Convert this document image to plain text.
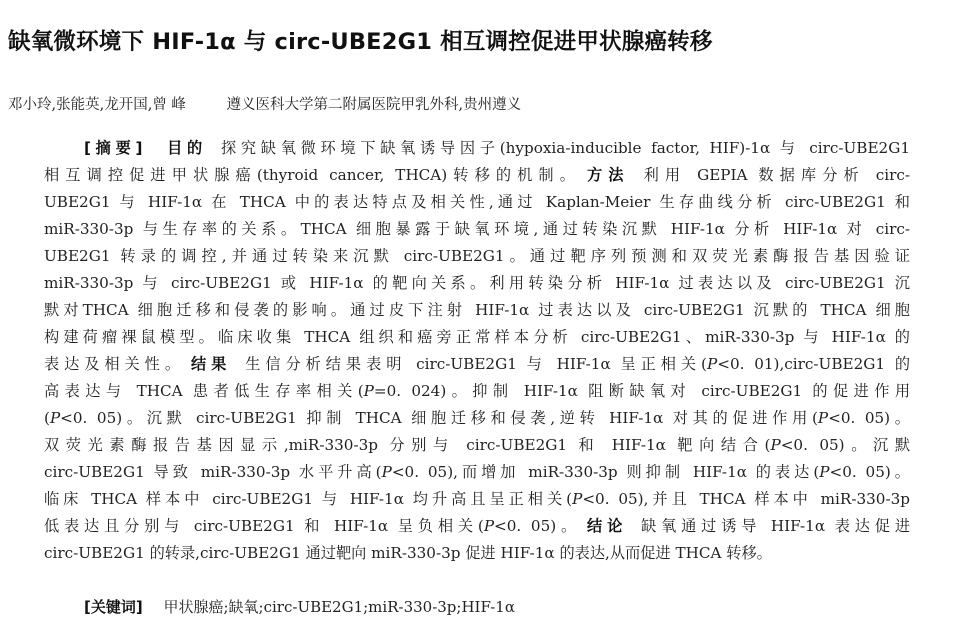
缺氧微环境下 HIF-1α 与 circ-UBE2G1 相互调控促进甲状腺癌转移
邓小玲,张能英,龙开国,曾 峰	遵义医科大学第二附属医院甲乳外科,贵州遵义
[摘要] 目的 探究缺氧微环境下缺氧诱导因子(hypoxia-inducible factor, HIF)-1α 与 circ-UBE2G1
相互调控促进甲状腺癌(thyroid cancer, THCA)转移的机制。 方法 利用 GEPIA 数据库分析 circ-
UBE2G1 与 HIF-1α 在 THCA 中的表达特点及相关性,通过 Kaplan-Meier 生存曲线分析 circ-UBE2G1 和
miR-330-3p 与生存率的关系。THCA 细胞暴露于缺氧环境,通过转染沉默 HIF-1α 分析 HIF-1α 对 circ-
UBE2G1 转录的调控,并通过转染来沉默 circ-UBE2G1。通过靶序列预测和双荧光素酶报告基因验证
miR-330-3p 与 circ-UBE2G1 或 HIF-1α 的靶向关系。利用转染分析 HIF-1α 过表达以及 circ-UBE2G1 沉
默对THCA 细胞迁移和侵袭的影响。通过皮下注射 HIF-1α 过表达以及 circ-UBE2G1 沉默的 THCA 细胞
构建荷瘤裸鼠模型。临床收集 THCA 组织和癌旁正常样本分析 circ-UBE2G1、miR-330-3p 与 HIF-1α 的
表达及相关性。 结果 生信分析结果表明 circ-UBE2G1 与 HIF-1α 呈正相关(P<0. 01),circ-UBE2G1 的
高表达与 THCA 患者低生存率相关(P=0. 024)。抑制 HIF-1α 阻断缺氧对 circ-UBE2G1 的促进作用
(P<0. 05)。沉默 circ-UBE2G1 抑制 THCA 细胞迁移和侵袭,逆转 HIF-1α 对其的促进作用(P<0. 05)。
双荧光素酶报告基因显示,miR-330-3p 分别与 circ-UBE2G1 和 HIF-1α 靶向结合(P<0. 05)。沉默
circ-UBE2G1 导致 miR-330-3p 水平升高(P<0. 05),而增加 miR-330-3p 则抑制 HIF-1α 的表达(P<0. 05)。
临床 THCA 样本中 circ-UBE2G1 与 HIF-1α 均升高且呈正相关(P<0. 05),并且 THCA 样本中 miR-330-3p
低表达且分别与 circ-UBE2G1 和 HIF-1α 呈负相关(P<0. 05)。 结论 缺氧通过诱导 HIF-1α 表达促进
circ-UBE2G1 的转录,circ-UBE2G1 通过靶向 miR-330-3p 促进 HIF-1α 的表达,从而促进 THCA 转移。
[关键词] 甲状腺癌;缺氧;circ-UBE2G1;miR-330-3p;HIF-1α
